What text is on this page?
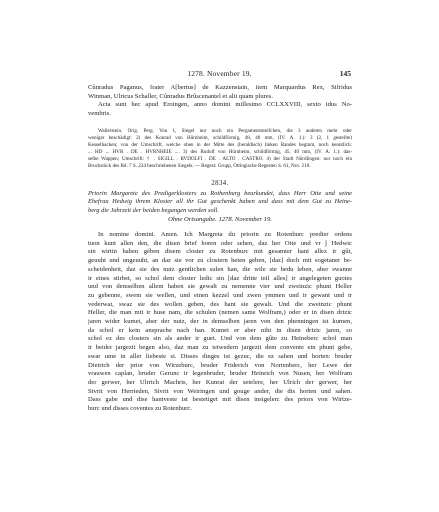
1278. November 19.	145

Cůnradus Paganus, frater A[bertus] de Kazzenstain, item Marquardus Rex, Sifridus
Winman, Ulricus Schaller, Cůnradus Brûscenantel et alii quam plures.

Acta sunt hec apud Eroingen, anno domini millesimo CCLXXVIII, sexto idus No-
vembris.

Wallerstein. Orig. Perg. Von 1, Siegel nur noch ein Pergamentstreifchen, die 3 anderen mehr oder
weniger beschädigt: 2) des Konrad von Hürnheim, schildförmig, 48, 40 mm, (IV. A. 1.): 3 (2, 1 gestellte)
Kesselhacken; von der Umschrift, welche oben in der Mitte des (heraldisch) linken Randes beginnt, noch kenntlich:
... HD ... HVR . DE . HVRNHEIE .... 3) des Rudolf von Hürnheim, schildförmig, 45, 40 mm, (IV. A. 1.): das-
selbe Wappen; Umschrift: † . SIGILL . RVDOLFI . DE . ALTO . CASTRO. 4) der Stadt Nördlingen: nur noch ein
Bruchstück des Bd. 7 S. 234 beschriebenen Siegels. — Regest: Grupp, Öttingische Regesten S. 61, Nro. 218.
2834.
Priorin Margarete des Predigerklosters zu Rothenburg beurkundet, dass Herr Otte und seine
Ehefrau Hedwig ihrem Kloster all ihr Gut geschenkt haben und dass mit dem Gut zu Heine-
berg die Jahrzeit der beiden begangen werden soll.
Ohne Ortsangabe. 1278. November 19.

In nomine domini. Amen. Ich Margreta du priorin zu Rotenburc predier ordens
tuon kunt allen den, die disen brief horen oder sehen, daz her Otte und vr ĵ Hedwic
sin wirtin haben gében disem closter zu Rotenburc mit gesamter hant allez ir gût,
geuuht und ungeuuht, an daz sie vor zu clostern heten geben, [daz] doch mit sogetaner be-
scheidenheit, daz sie des nutz gentlichen sulen han, die wile sie bedu leben, aber swanne
ir eines stirbet, so schol dem closter ledic sin [daz dritte teil alles] ir angelegeten guotes
und von demselben allem haben sie gewalt zu nemenne vier und zweinzic phunt Heller
zu gebenne, swem sie wellen, und einen kezzel und zwen ymmen und ir gewant und ir
vederwat, swaz sie des wollen geben, des hant sie gewalt. Und die zweinzic phunt
Heller, die man mit ir huse nam, die schulen (nemen same Wolfram,) oder er in disen drizic
jaren wider kumet, aber der nutz, der in demselben jaren von den phenningen ist kumen,
da schol er kein ansprache nach han. Kumet er aber niht in disen drizic jaren, so
schol ez des closters sin als ander ir guet. Und von dem gûte zu Heineberc schol man
ir beider jargezit begen also, daz man zu ietwedern jargezit dem convente ein phunt gebe,
swar ume in aller liebeste si. Disses dinges ist gezuc, die ez sahen und horten: bruder
Dietrich der prior von Wirzeburc, bruder Friderich von Nortenberc, her Lewe der
vrauwen caplan, bruder Gerunc ir legenbruder, bruder Heinrich von Nusen, her Wolfram
der gerwer, her Ulrrich Machris, her Kunrat der setelere, her Ulrich der gerwer, her
Sivrit von Herrieden, Sivrit von Weiringen und gouge ander, die dis horten und sahen.
Dass gabe und dise hantveste ist bestetiget mit disen insigelen: des priors von Wirtze-
burc und disses coventes zu Rotenburc.
